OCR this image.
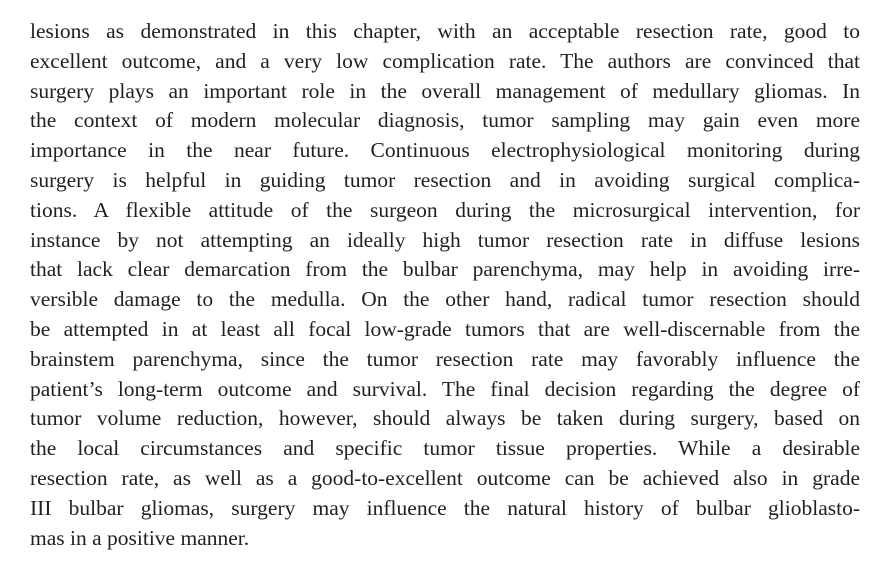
lesions as demonstrated in this chapter, with an acceptable resection rate, good to
excellent outcome, and a very low complication rate. The authors are convinced that
surgery plays an important role in the overall management of medullary gliomas. In
the context of modern molecular diagnosis, tumor sampling may gain even more
importance in the near future. Continuous electrophysiological monitoring during
surgery is helpful in guiding tumor resection and in avoiding surgical complica-
tions. A flexible attitude of the surgeon during the microsurgical intervention, for
instance by not attempting an ideally high tumor resection rate in diffuse lesions
that lack clear demarcation from the bulbar parenchyma, may help in avoiding irre-
versible damage to the medulla. On the other hand, radical tumor resection should
be attempted in at least all focal low-grade tumors that are well-discernable from the
brainstem parenchyma, since the tumor resection rate may favorably influence the
patient’s long-term outcome and survival. The final decision regarding the degree of
tumor volume reduction, however, should always be taken during surgery, based on
the local circumstances and specific tumor tissue properties. While a desirable
resection rate, as well as a good-to-excellent outcome can be achieved also in grade
III bulbar gliomas, surgery may influence the natural history of bulbar glioblasto-
mas in a positive manner.
